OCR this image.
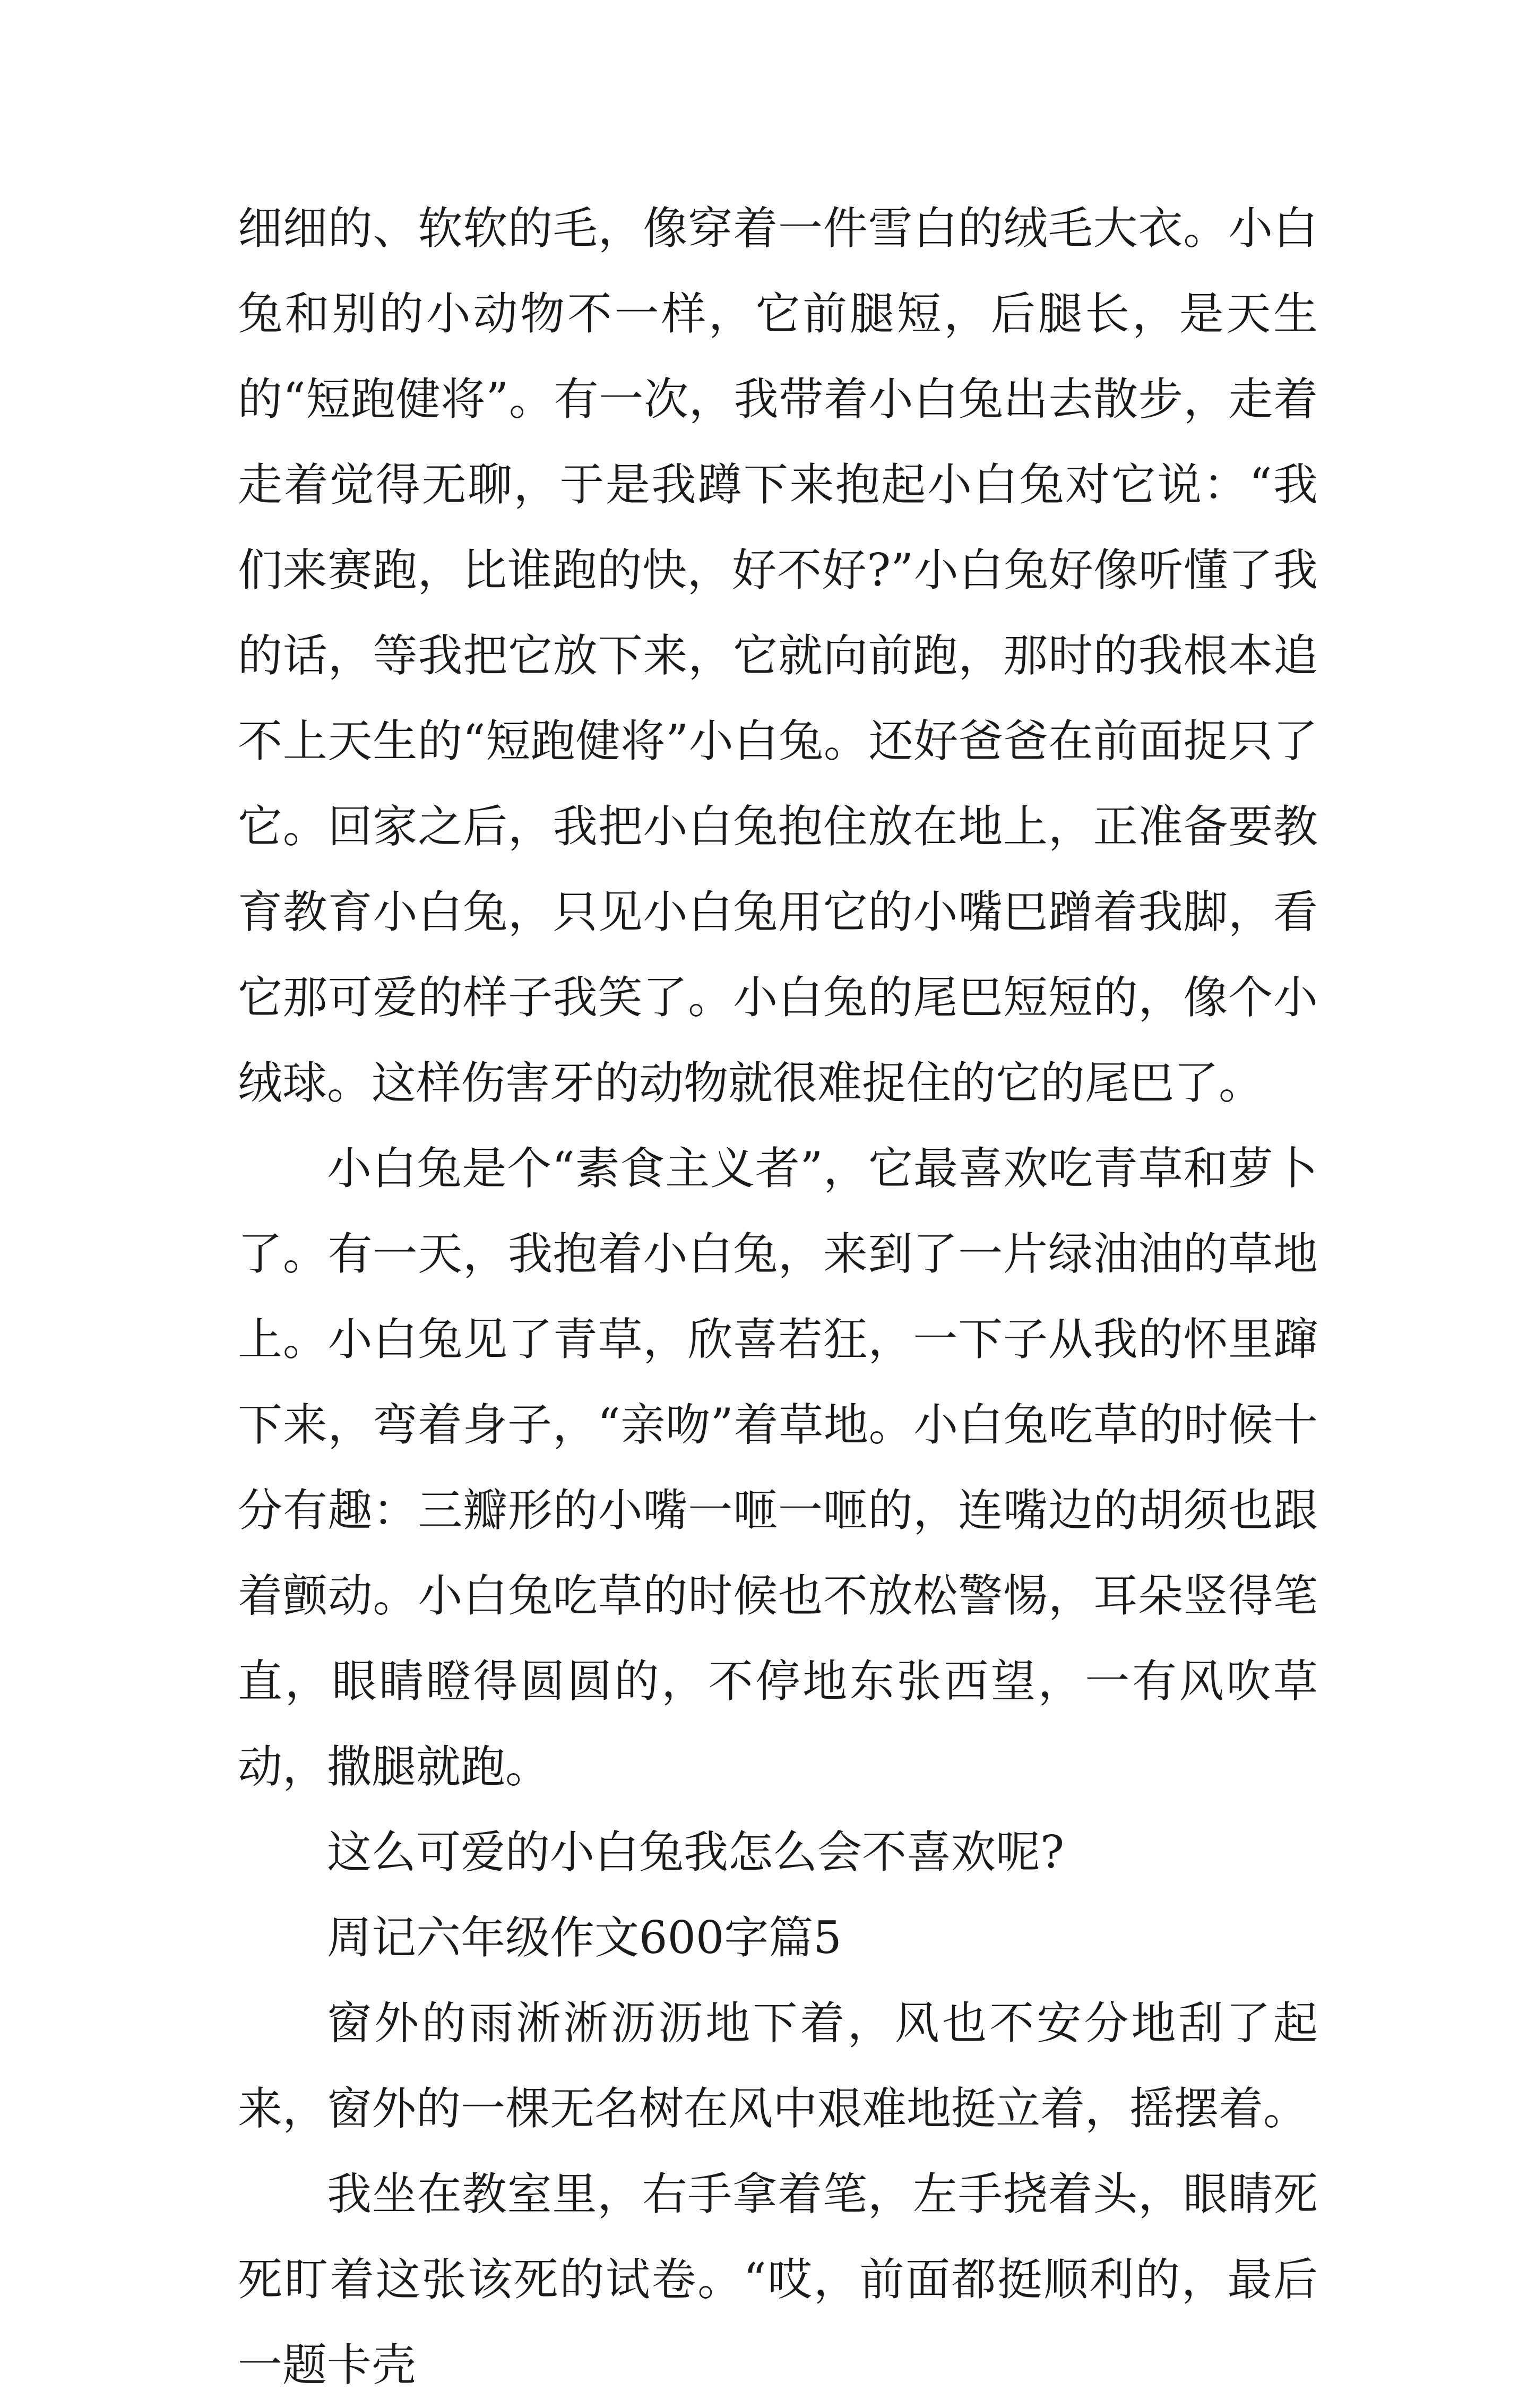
细细的、软软的毛，像穿着一件雪白的绒毛大衣。小白兔和别的小动物不一样，它前腿短，后腿长，是天生的“短跑健将”。有一次，我带着小白兔出去散步，走着走着觉得无聊，于是我蹲下来抱起小白兔对它说：“我们来赛跑，比谁跑的快，好不好?”小白兔好像听懂了我的话，等我把它放下来，它就向前跑，那时的我根本追不上天生的“短跑健将”小白兔。还好爸爸在前面捉只了它。回家之后，我把小白兔抱住放在地上，正准备要教育教育小白兔，只见小白兔用它的小嘴巴蹭着我脚，看它那可爱的样子我笑了。小白兔的尾巴短短的，像个小绒球。这样伤害牙的动物就很难捉住的它的尾巴了。

小白兔是个“素食主义者”，它最喜欢吃青草和萝卜了。有一天，我抱着小白兔，来到了一片绿油油的草地上。小白兔见了青草，欣喜若狂，一下子从我的怀里蹿下来，弯着身子，“亲吻”着草地。小白兔吃草的时候十分有趣：三瓣形的小嘴一咂一咂的，连嘴边的胡须也跟着颤动。小白兔吃草的时候也不放松警惕，耳朵竖得笔直，眼睛瞪得圆圆的，不停地东张西望，一有风吹草动，撒腿就跑。

这么可爱的小白兔我怎么会不喜欢呢?

周记六年级作文600字篇5

窗外的雨淅淅沥沥地下着，风也不安分地刮了起来，窗外的一棵无名树在风中艰难地挺立着，摇摆着。

我坐在教室里，右手拿着笔，左手挠着头，眼睛死死盯着这张该死的试卷。“哎，前面都挺顺利的，最后一题卡壳
